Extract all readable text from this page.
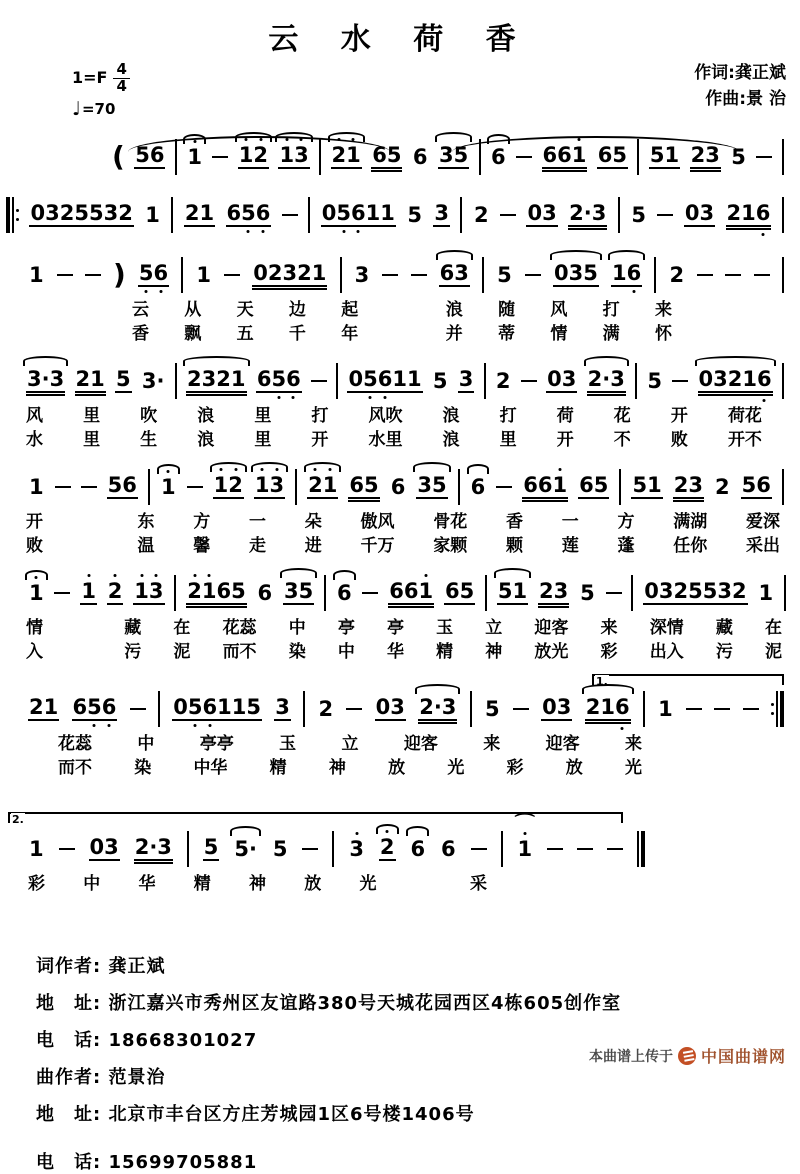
云 水 荷 香
$1=F \frac{4}{4}$
♩ =70
作词:龚正斌
作曲:景 治
( 5 6 1 1 2 1 3 2 1 6 5 6 3 5 6 6 6 1 6 5 5 1 2 3 5
0 3 2 5 5 3 2 1 2 1 6 5 6 0 5 6 1 1 5 3 2 0 3 2 · 3 5 0 3 2 1 6
1 ) 5 6 1 0 2 3 2 1 3	6 3 5 0 3 5 1 6 2
云 从 天 边 起	浪 随 风 打 来
香 飘 五 千 年	并 蒂 情 满 怀
3 · 3 2 1 5 3 · 2 3 2 1 6 5 6 0 5 6 1 1 5 3 2 0 3 2 · 3 5 0 3 2 1 6
风 里 吹 浪 里 打 风吹 浪 打 荷 花 开 荷花
水 里 生 浪 里 开 水里 浪 里 开 不 败 开不
1	5 6 1 1 2 1 3 2 1 6 5 6 3 5 6 6 6 1 6 5 5 1 2 3 2 5 6
开	东 方 一 朵 傲风 骨花 香 一 方 满湖 爱深
败	温 馨 走 进 千万 家颗 颗 莲 蓬 任你 采出
1 1 2 1 3 2 1 6 5 6 3 5 6 6 6 1 6 5 5 1 2 3 5 0 3 2 5 5 3 2 1
情	藏 在 花蕊 中 亭 亭 玉 立 迎客 来 深情 藏 在
入	污 泥 而不 染 中 华 精 神 放光 彩 出入 污 泥
1.
2 1 6 5 6	0 5 6 1 1 5 3 2 0 3 2 · 3 5 0 3 2 1 6 1
花蕊	中	亭亭	玉	立	迎客	来	迎客	来
而不 染 中华 精 神 放 光 彩 放 光
2.
1 0 3 2 · 3 5 5 · 5	3 2 6 6	⌒ 1
彩 中 华 精 神 放 光	采
词作者: 龚正斌
地　址: 浙江嘉兴市秀州区友谊路380号天城花园西区4栋605创作室
电　话: 18668301027
曲作者: 范景治
地　址: 北京市丰台区方庄芳城园1区6号楼1406号
电　话: 15699705881
本曲谱上传于 中国曲谱网
